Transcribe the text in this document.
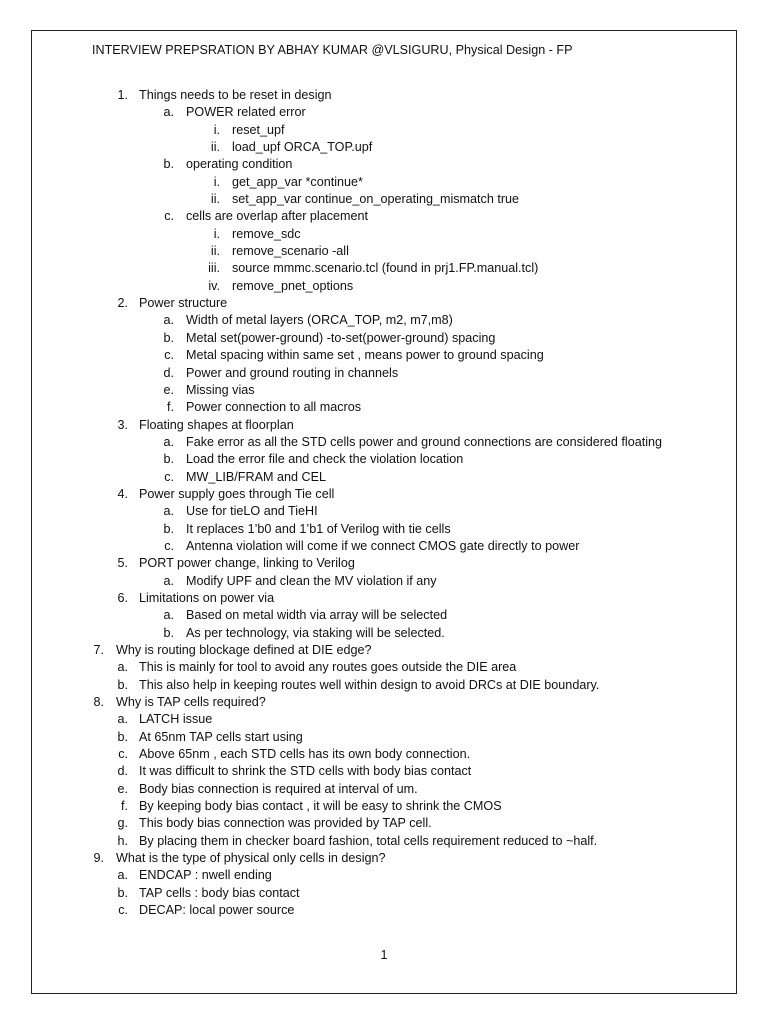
INTERVIEW PREPSRATION BY ABHAY KUMAR @VLSIGURU, Physical Design - FP
1. Things needs to be reset in design
a. POWER related error
i. reset_upf
ii. load_upf ORCA_TOP.upf
b. operating condition
i. get_app_var *continue*
ii. set_app_var continue_on_operating_mismatch true
c. cells are overlap after placement
i. remove_sdc
ii. remove_scenario -all
iii. source mmmc.scenario.tcl (found in prj1.FP.manual.tcl)
iv. remove_pnet_options
2. Power structure
a. Width of metal layers (ORCA_TOP, m2, m7,m8)
b. Metal set(power-ground) -to-set(power-ground) spacing
c. Metal spacing within same set , means power to ground spacing
d. Power and ground routing in channels
e. Missing vias
f. Power connection to all macros
3. Floating shapes at floorplan
a. Fake error as all the STD cells power and ground connections are considered floating
b. Load the error file and check the violation location
c. MW_LIB/FRAM and CEL
4. Power supply goes through Tie cell
a. Use for tieLO and TieHI
b. It replaces 1’b0 and 1’b1 of Verilog with tie cells
c. Antenna violation will come if we connect CMOS gate directly to power
5. PORT power change, linking to Verilog
a. Modify UPF and clean the MV violation if any
6. Limitations on power via
a. Based on metal width via array will be selected
b. As per technology, via staking will be selected.
7. Why is routing blockage defined at DIE edge?
a. This is mainly for tool to avoid any routes goes outside the DIE area
b. This also help in keeping routes well within design to avoid DRCs at DIE boundary.
8. Why is TAP cells required?
a. LATCH issue
b. At 65nm TAP cells start using
c. Above 65nm , each STD cells has its own body connection.
d. It was difficult to shrink the STD cells with body bias contact
e. Body bias connection is required at interval of um.
f. By keeping body bias contact , it will be easy to shrink the CMOS
g. This body bias connection was provided by TAP cell.
h. By placing them in checker board fashion, total cells requirement reduced to ~half.
9. What is the type of physical only cells in design?
a. ENDCAP : nwell ending
b. TAP cells : body bias contact
c. DECAP: local power source
1
